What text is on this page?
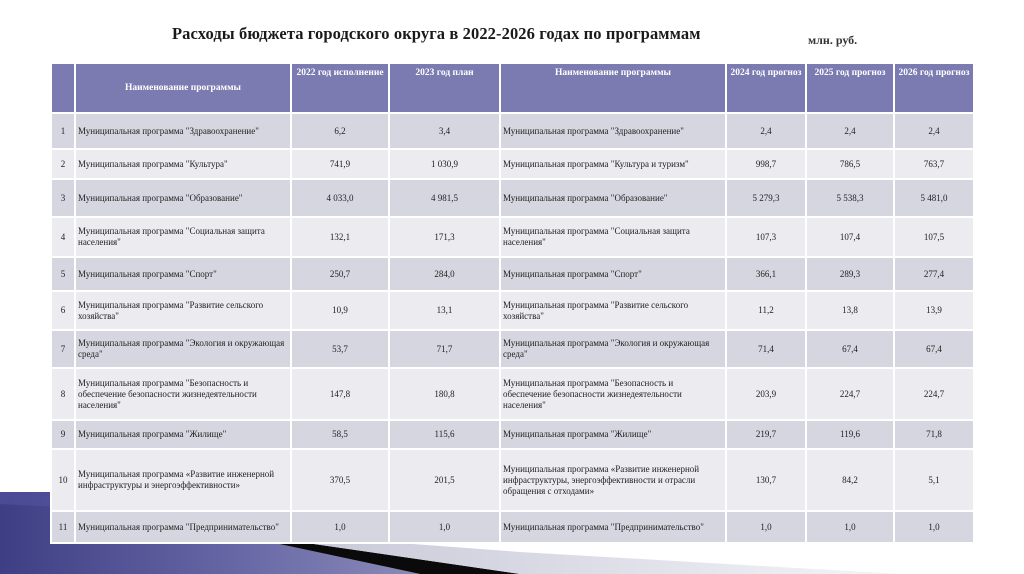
Расходы бюджета городского округа в 2022-2026 годах по программам	млн. руб.
	Наименование программы	2022 год исполнение	2023 год план	Наименование программы	2024 год прогноз	2025 год прогноз	2026 год прогноз
1	Муниципальная программа "Здравоохранение"	6,2	3,4	Муниципальная программа "Здравоохранение"	2,4	2,4	2,4
2	Муниципальная программа "Культура"	741,9	1 030,9	Муниципальная программа "Культура и туризм"	998,7	786,5	763,7
3	Муниципальная программа "Образование"	4 033,0	4 981,5	Муниципальная программа "Образование"	5 279,3	5 538,3	5 481,0
4	Муниципальная программа "Социальная защита населения"	132,1	171,3	Муниципальная программа "Социальная защита населения"	107,3	107,4	107,5
5	Муниципальная программа "Спорт"	250,7	284,0	Муниципальная программа "Спорт"	366,1	289,3	277,4
6	Муниципальная программа "Развитие сельского хозяйства"	10,9	13,1	Муниципальная программа "Развитие сельского хозяйства"	11,2	13,8	13,9
7	Муниципальная программа "Экология и окружающая среда"	53,7	71,7	Муниципальная программа "Экология и окружающая среда"	71,4	67,4	67,4
8	Муниципальная программа "Безопасность и обеспечение безопасности жизнедеятельности населения"	147,8	180,8	Муниципальная программа "Безопасность и обеспечение безопасности жизнедеятельности населения"	203,9	224,7	224,7
9	Муниципальная программа "Жилище"	58,5	115,6	Муниципальная программа "Жилище"	219,7	119,6	71,8
10	Муниципальная программа «Развитие инженерной инфраструктуры и энергоэффективности»	370,5	201,5	Муниципальная программа «Развитие инженерной инфраструктуры, энергоэффективности и отрасли обращения с отходами»	130,7	84,2	5,1
11	Муниципальная программа "Предпринимательство"	1,0	1,0	Муниципальная программа "Предпринимательство"	1,0	1,0	1,0
